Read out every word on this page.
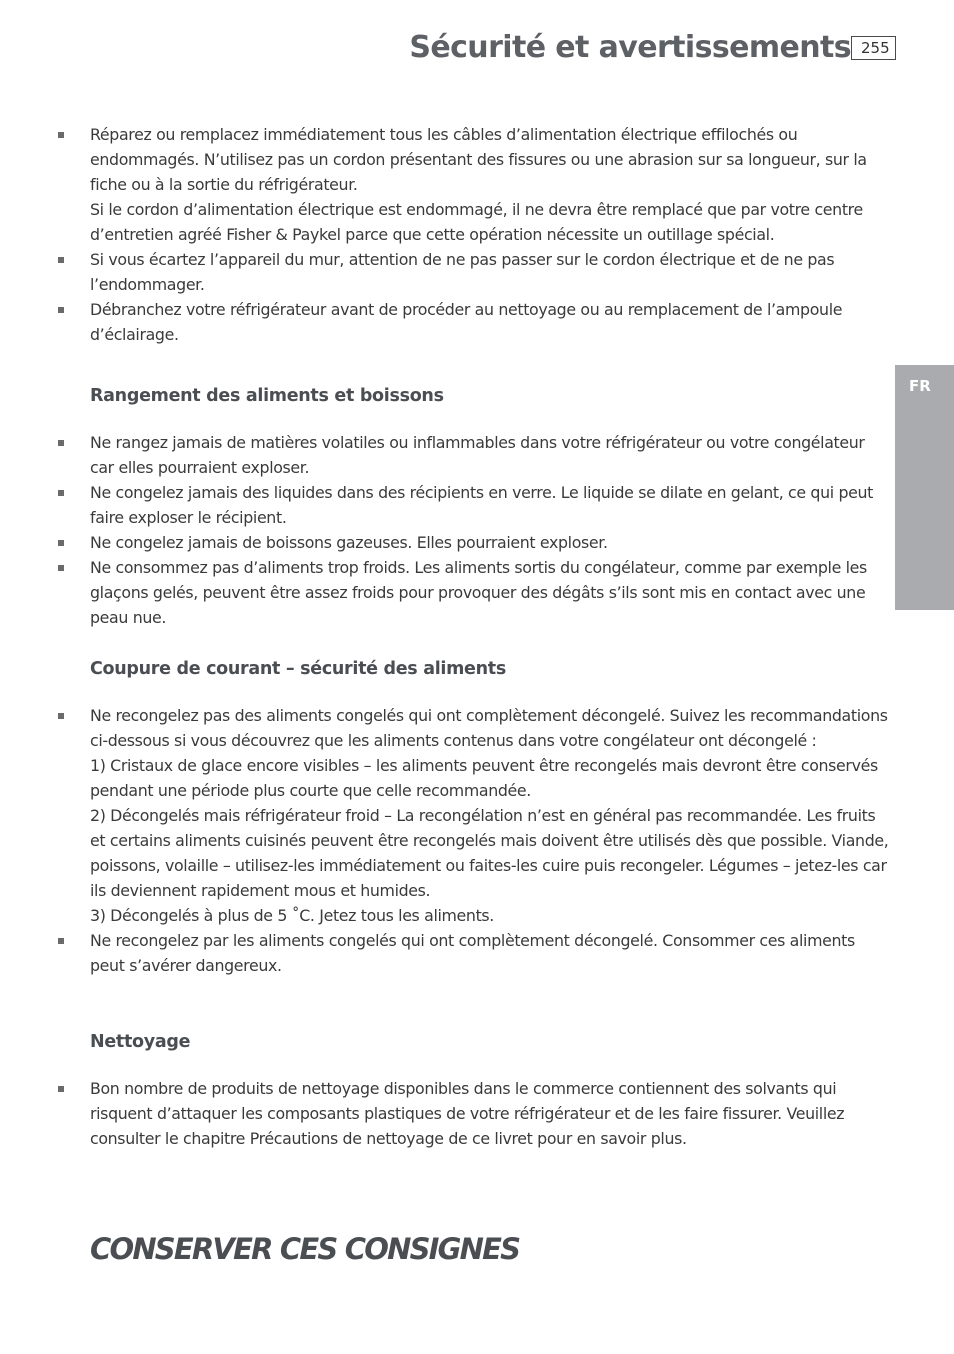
Sécurité et avertissements 255
FR
Réparez ou remplacez immédiatement tous les câbles d’alimentation électrique effilochés ou endommagés. N’utilisez pas un cordon présentant des fissures ou une abrasion sur sa longueur, sur la fiche ou à la sortie du réfrigérateur.
Si le cordon d’alimentation électrique est endommagé, il ne devra être remplacé que par votre centre d’entretien agréé Fisher & Paykel parce que cette opération nécessite un outillage spécial.
Si vous écartez l’appareil du mur, attention de ne pas passer sur le cordon électrique et de ne pas l’endommager.
Débranchez votre réfrigérateur avant de procéder au nettoyage ou au remplacement de l’ampoule d’éclairage.
Rangement des aliments et boissons
Ne rangez jamais de matières volatiles ou inflammables dans votre réfrigérateur ou votre congélateur car elles pourraient exploser.
Ne congelez jamais des liquides dans des récipients en verre. Le liquide se dilate en gelant, ce qui peut faire exploser le récipient.
Ne congelez jamais de boissons gazeuses. Elles pourraient exploser.
Ne consommez pas d’aliments trop froids. Les aliments sortis du congélateur, comme par exemple les glaçons gelés, peuvent être assez froids pour provoquer des dégâts s’ils sont mis en contact avec une peau nue.
Coupure de courant – sécurité des aliments
Ne recongelez pas des aliments congelés qui ont complètement décongelé. Suivez les recommandations ci-dessous si vous découvrez que les aliments contenus dans votre congélateur ont décongelé :
1) Cristaux de glace encore visibles – les aliments peuvent être recongelés mais devront être conservés pendant une période plus courte que celle recommandée.
2) Décongelés mais réfrigérateur froid – La recongélation n’est en général pas recommandée. Les fruits et certains aliments cuisinés peuvent être recongelés mais doivent être utilisés dès que possible. Viande, poissons, volaille – utilisez-les immédiatement ou faites-les cuire puis recongeler. Légumes – jetez-les car ils deviennent rapidement mous et humides.
3) Décongelés à plus de 5 ˚C. Jetez tous les aliments.
Ne recongelez par les aliments congelés qui ont complètement décongelé. Consommer ces aliments peut s’avérer dangereux.
Nettoyage
Bon nombre de produits de nettoyage disponibles dans le commerce contiennent des solvants qui risquent d’attaquer les composants plastiques de votre réfrigérateur et de les faire fissurer. Veuillez consulter le chapitre Précautions de nettoyage de ce livret pour en savoir plus.
CONSERVER CES CONSIGNES
